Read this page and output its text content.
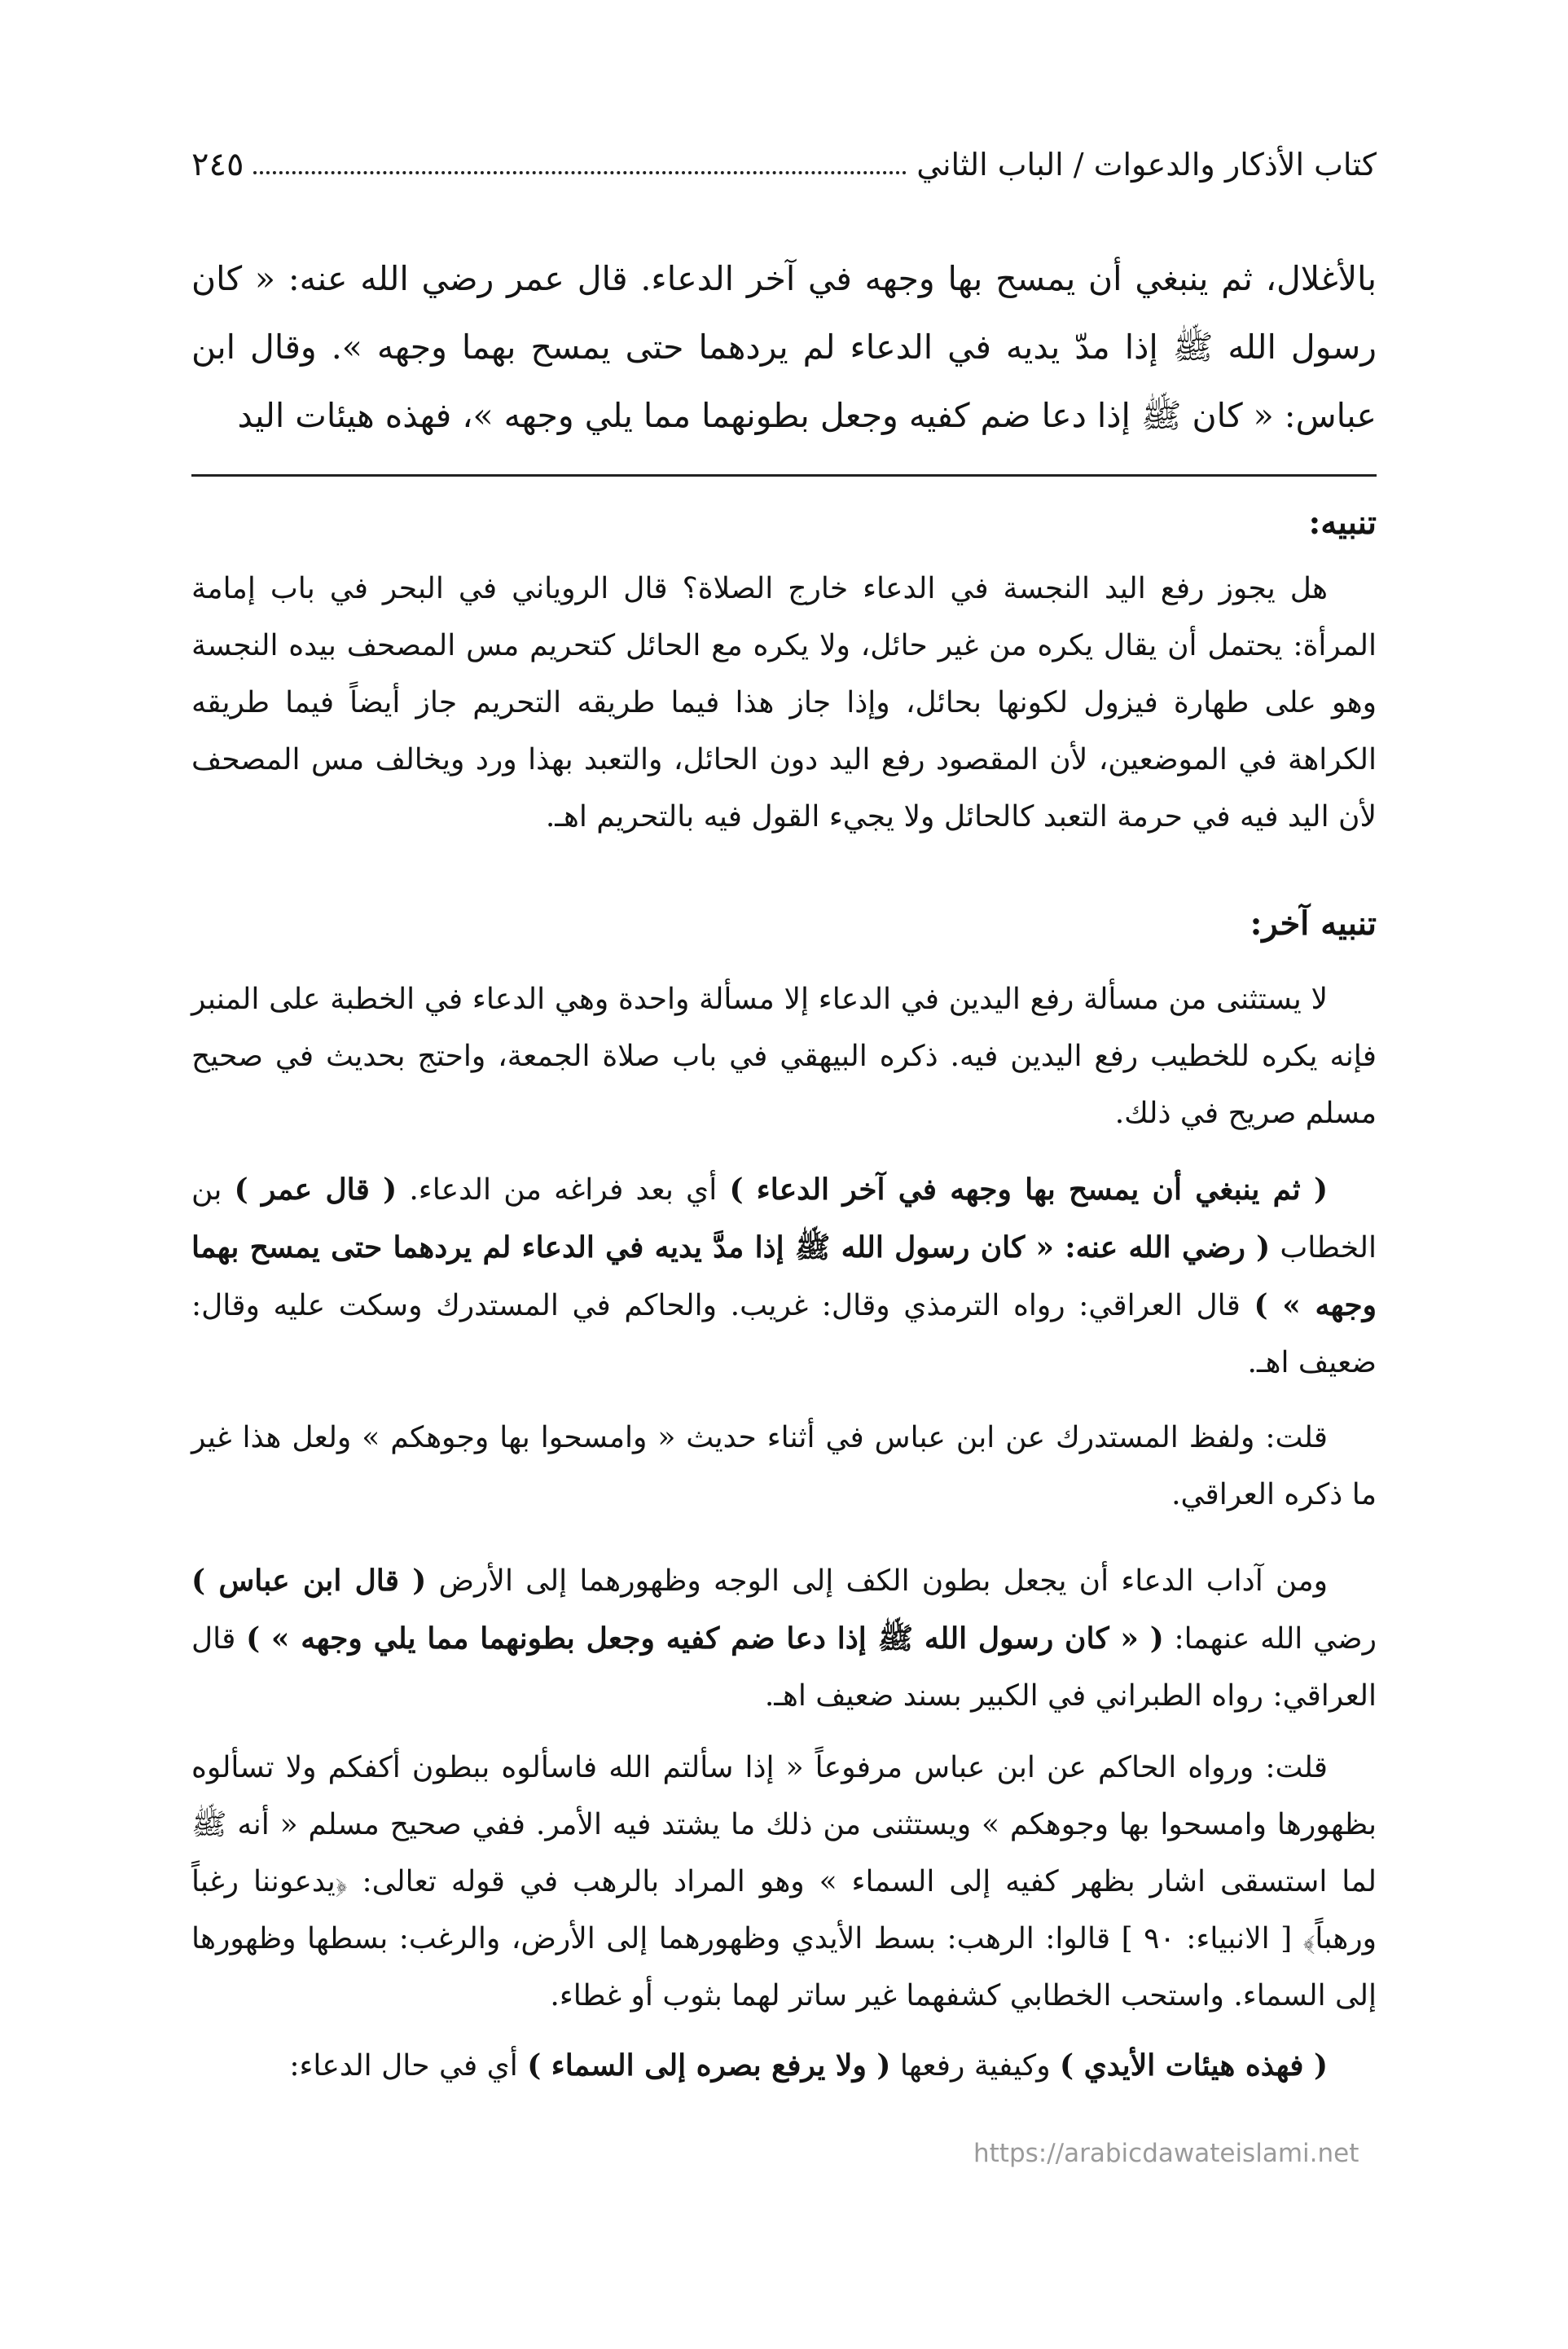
كتاب الأذكار والدعوات / الباب الثاني
٢٤٥
بالأغلال، ثم ينبغي أن يمسح بها وجهه في آخر الدعاء. قال عمر رضي الله عنه: « كان رسول الله ﷺ إذا مدّ يديه في الدعاء لم يردهما حتى يمسح بهما وجهه ». وقال ابن عباس: « كان ﷺ إذا دعا ضم كفيه وجعل بطونهما مما يلي وجهه »، فهذه هيئات اليد

تنبيه:

هل يجوز رفع اليد النجسة في الدعاء خارج الصلاة؟ قال الروياني في البحر في باب إمامة المرأة: يحتمل أن يقال يكره من غير حائل، ولا يكره مع الحائل كتحريم مس المصحف بيده النجسة وهو على طهارة فيزول لكونها بحائل، وإذا جاز هذا فيما طريقه التحريم جاز أيضاً فيما طريقه الكراهة في الموضعين، لأن المقصود رفع اليد دون الحائل، والتعبد بهذا ورد ويخالف مس المصحف لأن اليد فيه في حرمة التعبد كالحائل ولا يجيء القول فيه بالتحريم اهـ.

تنبيه آخر:

لا يستثنى من مسألة رفع اليدين في الدعاء إلا مسألة واحدة وهي الدعاء في الخطبة على المنبر فإنه يكره للخطيب رفع اليدين فيه. ذكره البيهقي في باب صلاة الجمعة، واحتج بحديث في صحيح مسلم صريح في ذلك.

( ثم ينبغي أن يمسح بها وجهه في آخر الدعاء ) أي بعد فراغه من الدعاء. ( قال عمر ) بن الخطاب ( رضي الله عنه: « كان رسول الله ﷺ إذا مدَّ يديه في الدعاء لم يردهما حتى يمسح بهما وجهه » ) قال العراقي: رواه الترمذي وقال: غريب. والحاكم في المستدرك وسكت عليه وقال: ضعيف اهـ.

قلت: ولفظ المستدرك عن ابن عباس في أثناء حديث « وامسحوا بها وجوهكم » ولعل هذا غير ما ذكره العراقي.

ومن آداب الدعاء أن يجعل بطون الكف إلى الوجه وظهورهما إلى الأرض ( قال ابن عباس ) رضي الله عنهما: ( « كان رسول الله ﷺ إذا دعا ضم كفيه وجعل بطونهما مما يلي وجهه » ) قال العراقي: رواه الطبراني في الكبير بسند ضعيف اهـ.

قلت: ورواه الحاكم عن ابن عباس مرفوعاً « إذا سألتم الله فاسألوه ببطون أكفكم ولا تسألوه بظهورها وامسحوا بها وجوهكم » ويستثنى من ذلك ما يشتد فيه الأمر. ففي صحيح مسلم « أنه ﷺ لما استسقى اشار بظهر كفيه إلى السماء » وهو المراد بالرهب في قوله تعالى: ﴿يدعوننا رغباً ورهباً﴾ [ الانبياء: ٩٠ ] قالوا: الرهب: بسط الأيدي وظهورهما إلى الأرض، والرغب: بسطها وظهورها إلى السماء. واستحب الخطابي كشفهما غير ساتر لهما بثوب أو غطاء.

( فهذه هيئات الأيدي ) وكيفية رفعها ( ولا يرفع بصره إلى السماء ) أي في حال الدعاء:

https://arabicdawateislami.net
